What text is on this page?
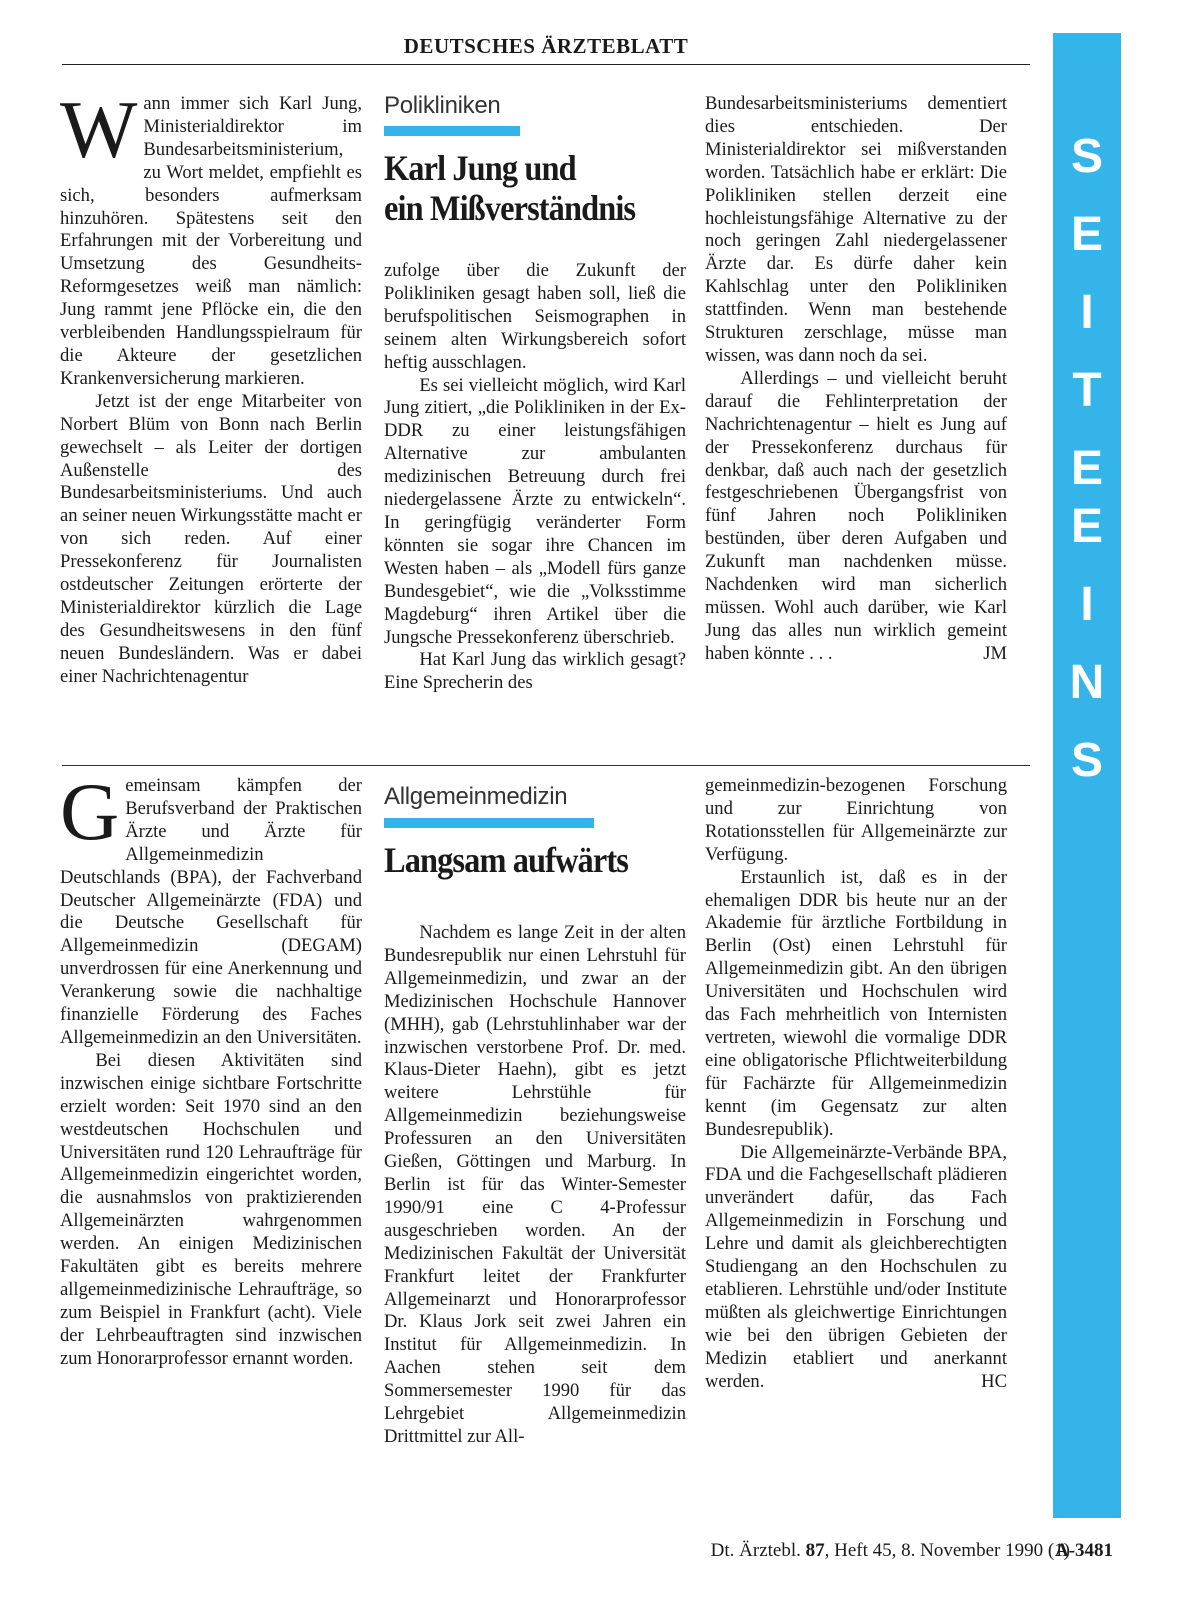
DEUTSCHES ÄRZTEBLATT
S
E
I
T
E
E
I
N
S
W ann immer sich Karl Jung, Ministerialdirektor im Bundesarbeitsministerium, zu Wort meldet, empfiehlt es sich, besonders aufmerksam hinzuhören. Spätestens seit den Erfahrungen mit der Vorbereitung und Umsetzung des Gesundheits-Reformgesetzes weiß man nämlich: Jung rammt jene Pflöcke ein, die den verbleibenden Handlungsspielraum für die Akteure der gesetzlichen Krankenversicherung markieren.

Jetzt ist der enge Mitarbeiter von Norbert Blüm von Bonn nach Berlin gewechselt – als Leiter der dortigen Außenstelle des Bundesarbeitsministeriums. Und auch an seiner neuen Wirkungsstätte macht er von sich reden. Auf einer Pressekonferenz für Journalisten ostdeutscher Zeitungen erörterte der Ministerialdirektor kürzlich die Lage des Gesundheitswesens in den fünf neuen Bundesländern. Was er dabei einer Nachrichtenagentur

Polikliniken
Karl Jung und
ein Mißverständnis

zufolge über die Zukunft der Polikliniken gesagt haben soll, ließ die berufspolitischen Seismographen in seinem alten Wirkungsbereich sofort heftig ausschlagen.

Es sei vielleicht möglich, wird Karl Jung zitiert, „die Polikliniken in der Ex-DDR zu einer leistungsfähigen Alternative zur ambulanten medizinischen Betreuung durch frei niedergelassene Ärzte zu entwickeln“. In geringfügig veränderter Form könnten sie sogar ihre Chancen im Westen haben – als „Modell fürs ganze Bundesgebiet“, wie die „Volksstimme Magdeburg“ ihren Artikel über die Jungsche Pressekonferenz überschrieb.

Hat Karl Jung das wirklich gesagt? Eine Sprecherin des

Bundesarbeitsministeriums dementiert dies entschieden. Der Ministerialdirektor sei mißverstanden worden. Tatsächlich habe er erklärt: Die Polikliniken stellen derzeit eine hochleistungsfähige Alternative zu der noch geringen Zahl niedergelassener Ärzte dar. Es dürfe daher kein Kahlschlag unter den Polikliniken stattfinden. Wenn man bestehende Strukturen zerschlage, müsse man wissen, was dann noch da sei.

Allerdings – und vielleicht beruht darauf die Fehlinterpretation der Nachrichtenagentur – hielt es Jung auf der Pressekonferenz durchaus für denkbar, daß auch nach der gesetzlich festgeschriebenen Übergangsfrist von fünf Jahren noch Polikliniken bestünden, über deren Aufgaben und Zukunft man nachdenken müsse. Nachdenken wird man sicherlich müssen. Wohl auch darüber, wie Karl Jung das alles nun wirklich gemeint haben könnte . . .	JM

G emeinsam kämpfen der Berufsverband der Praktischen Ärzte und Ärzte für Allgemeinmedizin Deutschlands (BPA), der Fachverband Deutscher Allgemeinärzte (FDA) und die Deutsche Gesellschaft für Allgemeinmedizin (DEGAM) unverdrossen für eine Anerkennung und Verankerung sowie die nachhaltige finanzielle Förderung des Faches Allgemeinmedizin an den Universitäten.

Bei diesen Aktivitäten sind inzwischen einige sichtbare Fortschritte erzielt worden: Seit 1970 sind an den westdeutschen Hochschulen und Universitäten rund 120 Lehraufträge für Allgemeinmedizin eingerichtet worden, die ausnahmslos von praktizierenden Allgemeinärzten wahrgenommen werden. An einigen Medizinischen Fakultäten gibt es bereits mehrere allgemeinmedizinische Lehraufträge, so zum Beispiel in Frankfurt (acht). Viele der Lehrbeauftragten sind inzwischen zum Honorarprofessor ernannt worden.

Allgemeinmedizin
Langsam aufwärts

Nachdem es lange Zeit in der alten Bundesrepublik nur einen Lehrstuhl für Allgemeinmedizin, und zwar an der Medizinischen Hochschule Hannover (MHH), gab (Lehrstuhlinhaber war der inzwischen verstorbene Prof. Dr. med. Klaus-Dieter Haehn), gibt es jetzt weitere Lehrstühle für Allgemeinmedizin beziehungsweise Professuren an den Universitäten Gießen, Göttingen und Marburg. In Berlin ist für das Winter-Semester 1990/91 eine C 4-Professur ausgeschrieben worden. An der Medizinischen Fakultät der Universität Frankfurt leitet der Frankfurter Allgemeinarzt und Honorarprofessor Dr. Klaus Jork seit zwei Jahren ein Institut für Allgemeinmedizin. In Aachen stehen seit dem Sommersemester 1990 für das Lehrgebiet Allgemeinmedizin Drittmittel zur All-

gemeinmedizin-bezogenen Forschung und zur Einrichtung von Rotationsstellen für Allgemeinärzte zur Verfügung.

Erstaunlich ist, daß es in der ehemaligen DDR bis heute nur an der Akademie für ärztliche Fortbildung in Berlin (Ost) einen Lehrstuhl für Allgemeinmedizin gibt. An den übrigen Universitäten und Hochschulen wird das Fach mehrheitlich von Internisten vertreten, wiewohl die vormalige DDR eine obligatorische Pflichtweiterbildung für Fachärzte für Allgemeinmedizin kennt (im Gegensatz zur alten Bundesrepublik).

Die Allgemeinärzte-Verbände BPA, FDA und die Fachgesellschaft plädieren unverändert dafür, das Fach Allgemeinmedizin in Forschung und Lehre und damit als gleichberechtigten Studiengang an den Hochschulen zu etablieren. Lehrstühle und/oder Institute müßten als gleichwertige Einrichtungen wie bei den übrigen Gebieten der Medizin etabliert und anerkannt werden.	HC

Dt. Ärztebl. 87, Heft 45, 8. November 1990 (1)
A-3481
